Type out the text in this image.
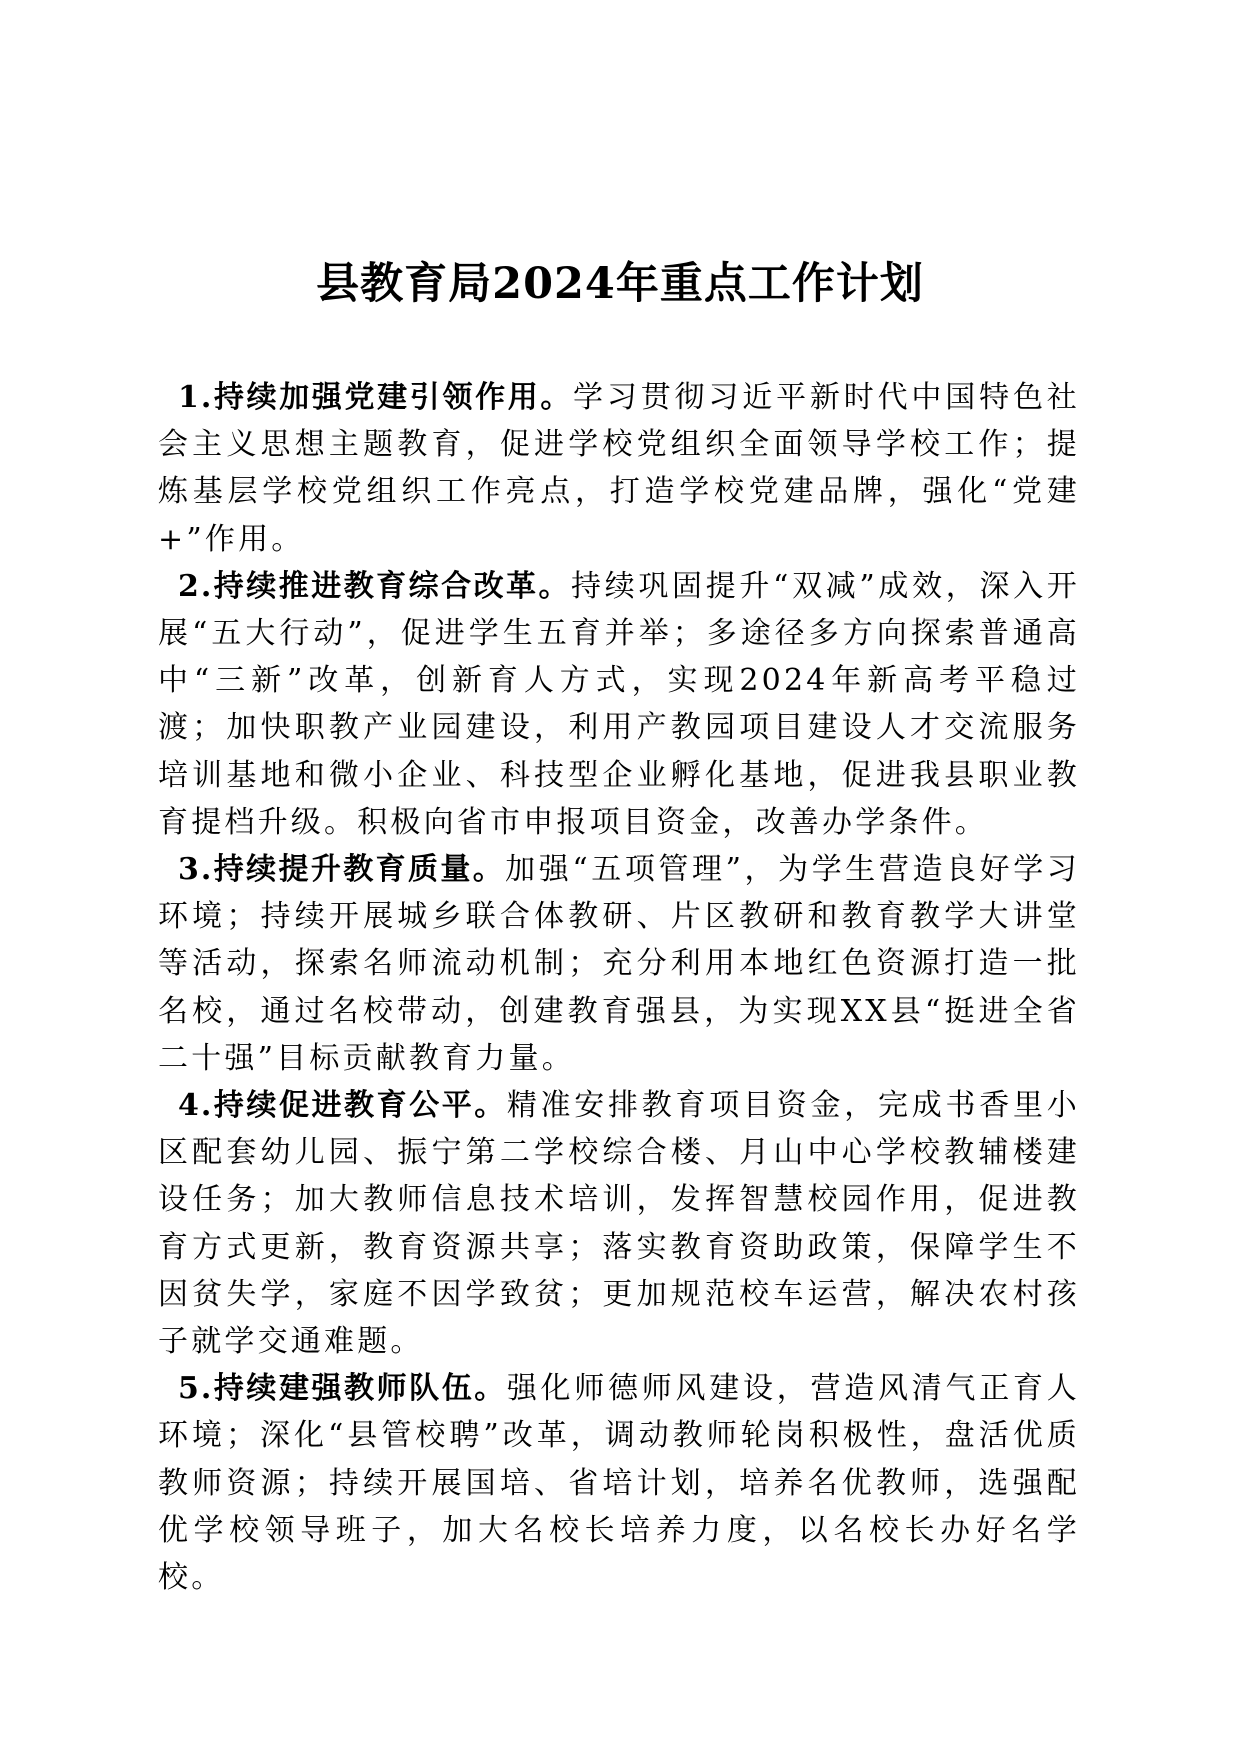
县教育局2024年重点工作计划

1.持续加强党建引领作用。学习贯彻习近平新时代中国特色社会主义思想主题教育，促进学校党组织全面领导学校工作；提炼基层学校党组织工作亮点，打造学校党建品牌，强化“党建+”作用。

2.持续推进教育综合改革。持续巩固提升“双减”成效，深入开展“五大行动”，促进学生五育并举；多途径多方向探索普通高中“三新”改革，创新育人方式，实现2024年新高考平稳过渡；加快职教产业园建设，利用产教园项目建设人才交流服务培训基地和微小企业、科技型企业孵化基地，促进我县职业教育提档升级。积极向省市申报项目资金，改善办学条件。

3.持续提升教育质量。加强“五项管理”，为学生营造良好学习环境；持续开展城乡联合体教研、片区教研和教育教学大讲堂等活动，探索名师流动机制；充分利用本地红色资源打造一批名校，通过名校带动，创建教育强县，为实现XX县“挺进全省二十强”目标贡献教育力量。

4.持续促进教育公平。精准安排教育项目资金，完成书香里小区配套幼儿园、振宁第二学校综合楼、月山中心学校教辅楼建设任务；加大教师信息技术培训，发挥智慧校园作用，促进教育方式更新，教育资源共享；落实教育资助政策，保障学生不因贫失学，家庭不因学致贫；更加规范校车运营，解决农村孩子就学交通难题。

5.持续建强教师队伍。强化师德师风建设，营造风清气正育人环境；深化“县管校聘”改革，调动教师轮岗积极性，盘活优质教师资源；持续开展国培、省培计划，培养名优教师，选强配优学校领导班子，加大名校长培养力度，以名校长办好名学校。
